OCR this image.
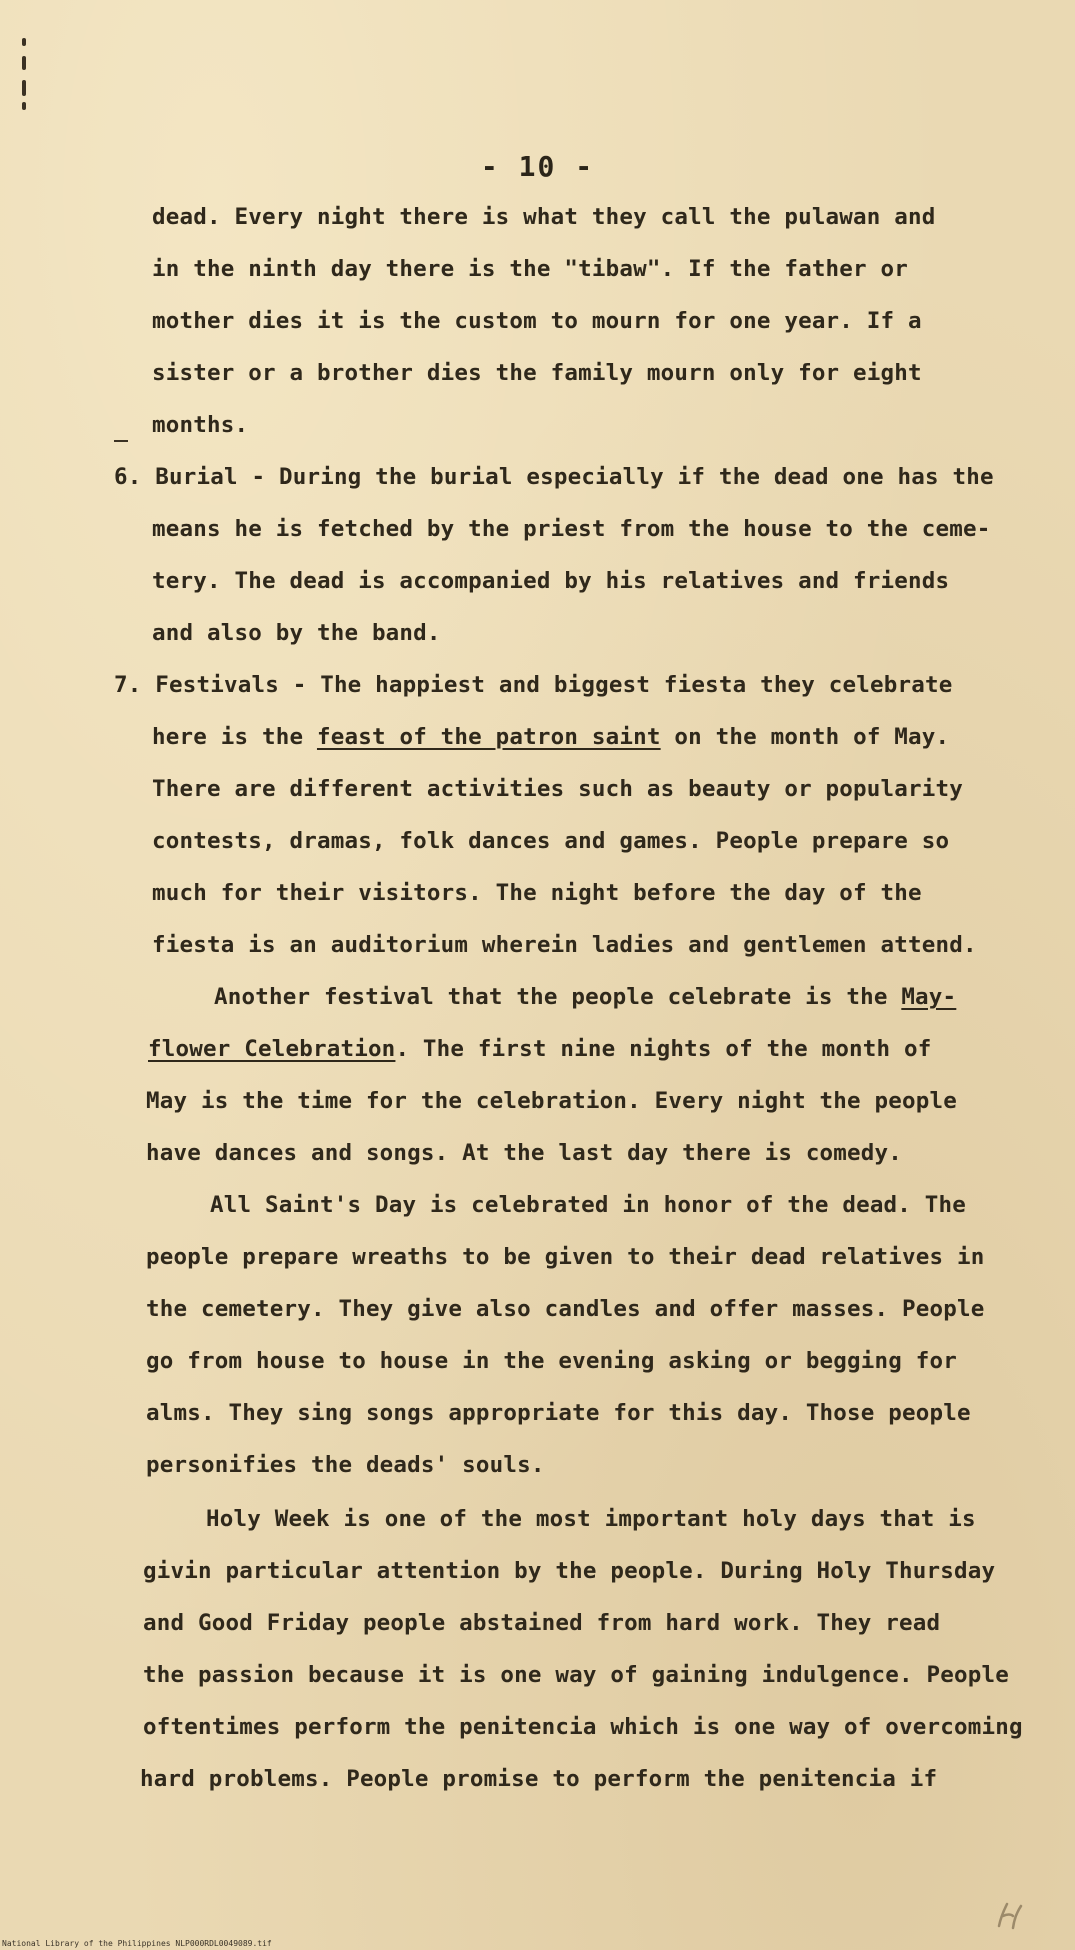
- 10 -
dead. Every night there is what they call the pulawan and
in the ninth day there is the "tibaw". If the father or
mother dies it is the custom to mourn for one year. If a
sister or a brother dies the family mourn only for eight
months.
6. Burial - During the burial especially if the dead one has the
means he is fetched by the priest from the house to the ceme-
tery. The dead is accompanied by his relatives and friends
and also by the band.
7. Festivals - The happiest and biggest fiesta they celebrate
here is the feast of the patron saint on the month of May.
There are different activities such as beauty or popularity
contests, dramas, folk dances and games. People prepare so
much for their visitors. The night before the day of the
fiesta is an auditorium wherein ladies and gentlemen attend.
Another festival that the people celebrate is the May-
flower Celebration. The first nine nights of the month of
May is the time for the celebration. Every night the people
have dances and songs. At the last day there is comedy.
All Saint's Day is celebrated in honor of the dead. The
people prepare wreaths to be given to their dead relatives in
the cemetery. They give also candles and offer masses. People
go from house to house in the evening asking or begging for
alms. They sing songs appropriate for this day. Those people
personifies the deads' souls.
Holy Week is one of the most important holy days that is
givin particular attention by the people. During Holy Thursday
and Good Friday people abstained from hard work. They read
the passion because it is one way of gaining indulgence. People
oftentimes perform the penitencia which is one way of overcoming
hard problems. People promise to perform the penitencia if
National Library of the Philippines NLP000RDL0049089.tif
